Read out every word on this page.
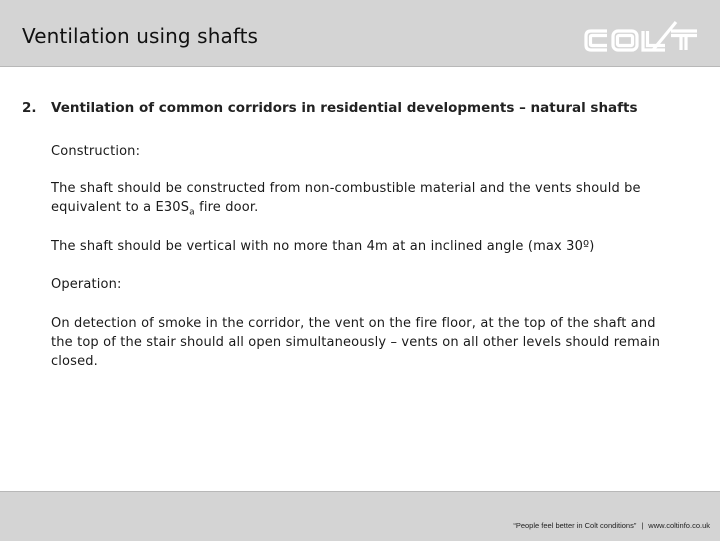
Ventilation using shafts
2. Ventilation of common corridors in residential developments – natural shafts
Construction:
The shaft should be constructed from non-combustible material and the vents should be equivalent to a $E30S_a$ fire door.
The shaft should be vertical with no more than 4m at an inclined angle (max 30º)
Operation:
On detection of smoke in the corridor, the vent on the fire floor, at the top of the shaft and the top of the stair should all open simultaneously – vents on all other levels should remain closed.
“People feel better in Colt conditions” | www.coltinfo.co.uk
